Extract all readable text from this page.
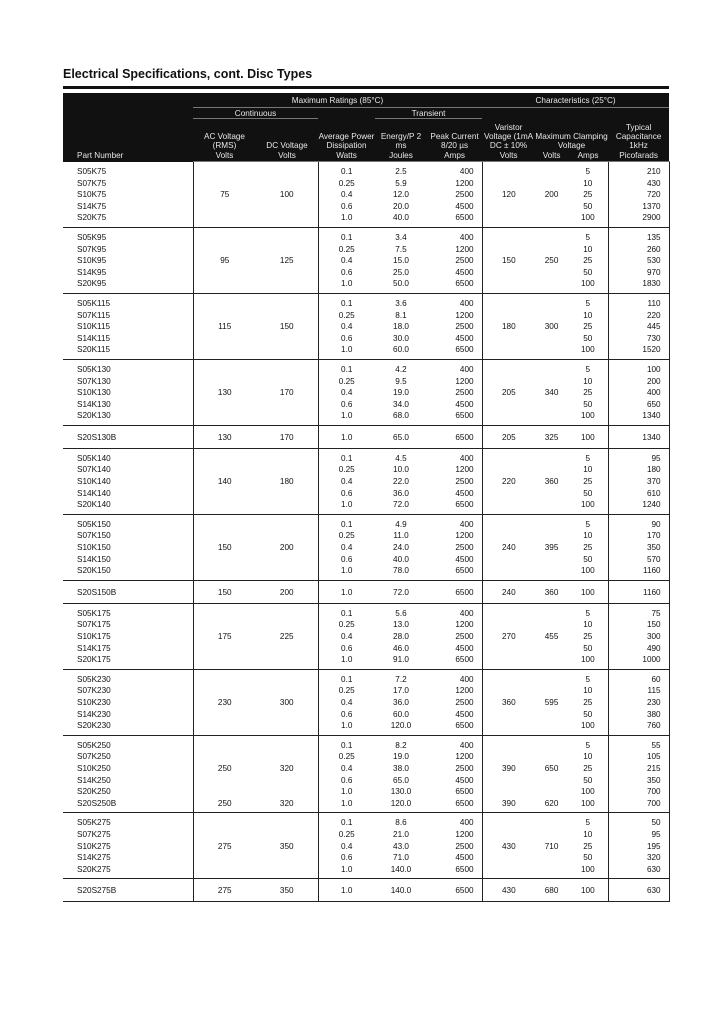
Electrical Specifications, cont. Disc Types
	Maximum Ratings (85°C)					Characteristics (25°C)			
	Continuous			Transient					
	AC Voltage (RMS)	DC Voltage	Average Power Dissipation	Energy/P 2 ms	Peak Current 8/20 µs	Varistor Voltage (1mA DC ± 10%	Maximum Clamping Voltage		Typical Capacitance 1kHz
Part Number	Volts	Volts	Watts	Joules	Amps	Volts	Volts	Amps	Picofarads
S05K75			0.1	2.5	400			5	210
S07K75			0.25	5.9	1200			10	430
S10K75	75	100	0.4	12.0	2500	120	200	25	720
S14K75			0.6	20.0	4500			50	1370
S20K75			1.0	40.0	6500			100	2900
S05K95			0.1	3.4	400			5	135
S07K95			0.25	7.5	1200			10	260
S10K95	95	125	0.4	15.0	2500	150	250	25	530
S14K95			0.6	25.0	4500			50	970
S20K95			1.0	50.0	6500			100	1830
S05K115			0.1	3.6	400			5	110
S07K115			0.25	8.1	1200			10	220
S10K115	115	150	0.4	18.0	2500	180	300	25	445
S14K115			0.6	30.0	4500			50	730
S20K115			1.0	60.0	6500			100	1520
S05K130			0.1	4.2	400			5	100
S07K130			0.25	9.5	1200			10	200
S10K130	130	170	0.4	19.0	2500	205	340	25	400
S14K130			0.6	34.0	4500			50	650
S20K130			1.0	68.0	6500			100	1340
S20S130B	130	170	1.0	65.0	6500	205	325	100	1340
S05K140			0.1	4.5	400			5	95
S07K140			0.25	10.0	1200			10	180
S10K140	140	180	0.4	22.0	2500	220	360	25	370
S14K140			0.6	36.0	4500			50	610
S20K140			1.0	72.0	6500			100	1240
S05K150			0.1	4.9	400			5	90
S07K150			0.25	11.0	1200			10	170
S10K150	150	200	0.4	24.0	2500	240	395	25	350
S14K150			0.6	40.0	4500			50	570
S20K150			1.0	78.0	6500			100	1160
S20S150B	150	200	1.0	72.0	6500	240	360	100	1160
S05K175			0.1	5.6	400			5	75
S07K175			0.25	13.0	1200			10	150
S10K175	175	225	0.4	28.0	2500	270	455	25	300
S14K175			0.6	46.0	4500			50	490
S20K175			1.0	91.0	6500			100	1000
S05K230			0.1	7.2	400			5	60
S07K230			0.25	17.0	1200			10	115
S10K230	230	300	0.4	36.0	2500	360	595	25	230
S14K230			0.6	60.0	4500			50	380
S20K230			1.0	120.0	6500			100	760
S05K250			0.1	8.2	400			5	55
S07K250			0.25	19.0	1200			10	105
S10K250	250	320	0.4	38.0	2500	390	650	25	215
S14K250			0.6	65.0	4500			50	350
S20K250			1.0	130.0	6500			100	700
S20S250B	250	320	1.0	120.0	6500	390	620	100	700
S05K275			0.1	8.6	400			5	50
S07K275			0.25	21.0	1200			10	95
S10K275	275	350	0.4	43.0	2500	430	710	25	195
S14K275			0.6	71.0	4500			50	320
S20K275			1.0	140.0	6500			100	630
S20S275B	275	350	1.0	140.0	6500	430	680	100	630
